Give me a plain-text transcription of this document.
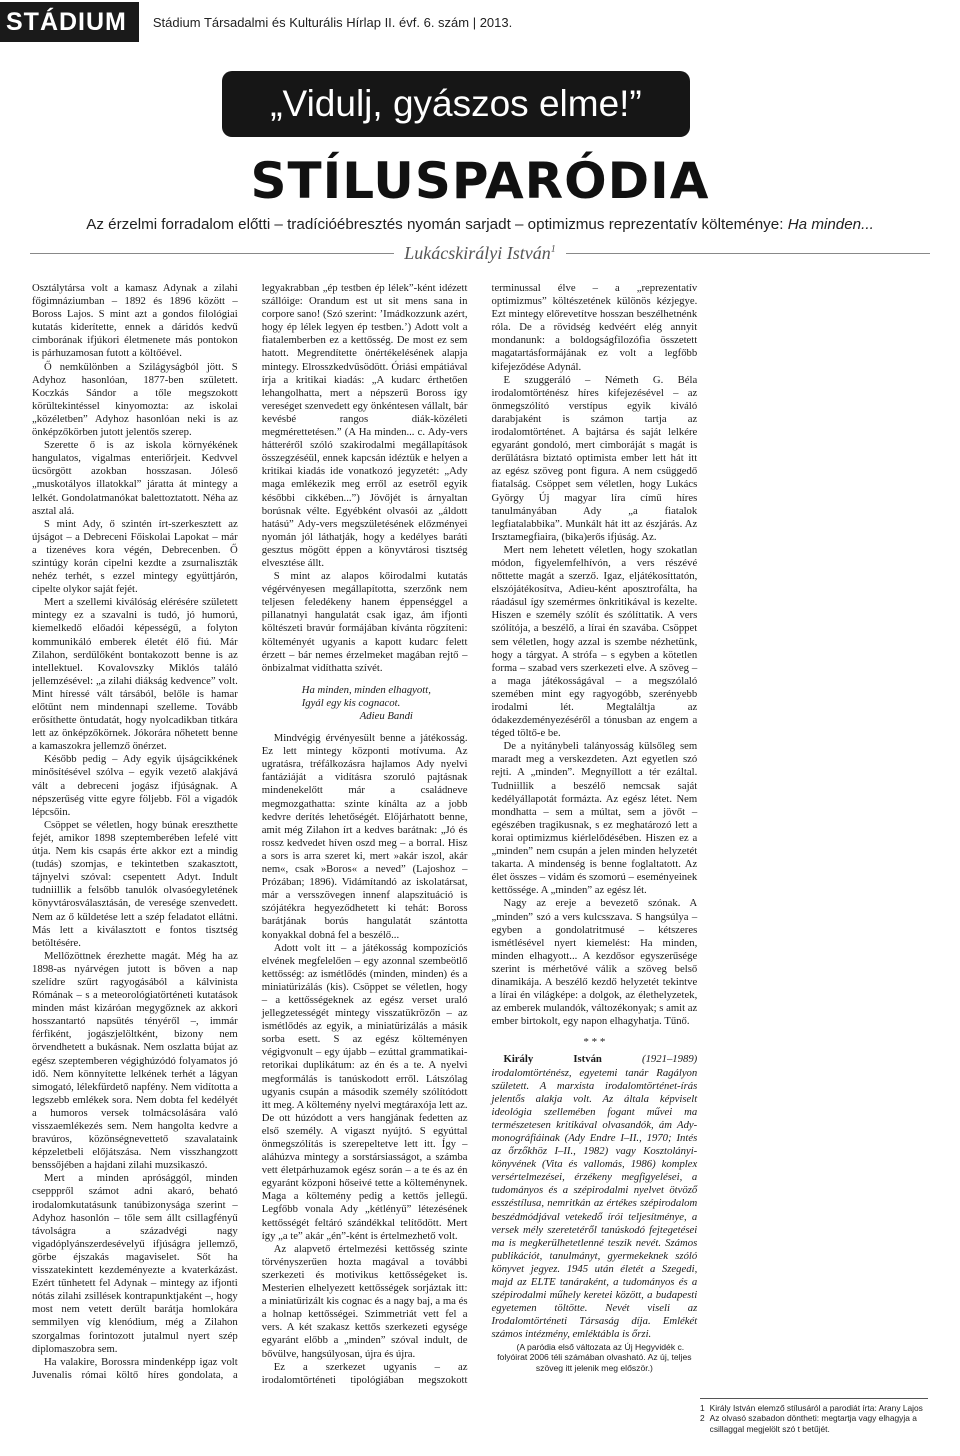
STÁDIUM	Stádium Társadalmi és Kulturális Hírlap II. évf. 6. szám | 2013.
„Vidulj, gyászos elme!”
STÍLUSPARÓDIA
Az érzelmi forradalom előtti – tradícióébresztés nyomán sarjadt – optimizmus reprezentatív költeménye: Ha minden...
Lukácskirályi István$^1$

Osztálytársa volt a kamasz Adynak a zilahi főgimnáziumban – 1892 és 1896 között – Boross Lajos. S mint azt a gondos filológiai kutatás kiderítette, ennek a dáridós kedvű cimborának ifjúkori életmenete más pontokon is párhuzamosan futott a költőével.

Ő nemkülönben a Szilágyságból jött. S Adyhoz hasonlóan, 1877-ben született. Koczkás Sándor a tőle megszokott körültekintéssel kinyomozta: az iskolai „közéletben” Adyhoz hasonlóan neki is az önképzőkörben jutott jelentős szerep.

Szerette ő is az iskola környékének hangulatos, vigalmas enteriőrjeit. Kedvvel ücsörgött azokban hosszasan. Jóleső „muskotályos illatokkal” járatta át mintegy a lelkét. Gondolatmanókat balettoztatott. Néha az asztal alá.

S mint Ady, ő szintén írt-szerkesztett az újságot – a Debreceni Főiskolai Lapokat – már a tizenéves kora végén, Debrecenben. Ő szintúgy korán cipelni kezdte a zsurnaliszták nehéz terhét, s ezzel mintegy együttjárón, cipelte olykor saját fejét.

Mert a szellemi kiválóság elérésére született mintegy ez a szavalni is tudó, jó humorú, kiemelkedő előadói képességű, a folyton kommunikáló emberek életét élő fiú. Már Zilahon, serdülőként bontakozott benne is az intellektuel. Kovalovszky Miklós találó jellemzésével: „a zilahi diákság kedvence” volt. Mint híressé vált társából, belőle is hamar előtűnt nem mindennapi szelleme. Tovább erősíthette öntudatát, hogy nyolcadikban titkára lett az önképzőkörnek. Jókorára nőhetett benne a kamaszokra jellemző önérzet.

Később pedig – Ady egyik újságcikkének minősítésével szólva – egyik vezető alakjává vált a debreceni jogász ifjúságnak. A népszerűség vitte egyre följebb. Föl a vigadók lépcsőin.

Csöppet se véletlen, hogy búnak ereszthette fejét, amikor 1898 szeptemberében lefelé vitt útja. Nem kis csapás érte akkor ezt a mindig (tudás) szomjas, e tekintetben szakasztott, tájnyelvi szóval: csepentett Adyt. Indult tudniillik a felsőbb tanulók olvasóegyletének könyvtárosválasztásán, de veresége szenvedett. Nem az ő küldetése lett a szép feladatot ellátni. Más lett a kiválasztott e fontos tisztség betöltésére.

Mellőzöttnek érezhette magát. Még ha az 1898-as nyárvégen jutott is bőven a nap szelídre szűrt ragyogásából a kálvinista Rómának – s a meteorológiatörténeti kutatások minden mást kizáróan megygőznek az akkori hosszantartó napsütés tényéről –, immár férfiként, jogászjelöltként, bizony nem örvendhetett a bukásnak. Nem oszlatta bújat az egész szeptemberen végighúzódó folyamatos jó idő. Nem könnyítette lelkének terhét a lágyan simogató, lélekfürdető napfény. Nem vidította a legszebb emlékek sora. Nem dobta fel kedélyét a humoros versek tolmácsolására való visszaemlékezés sem. Nem hangolta kedvre a bravúros, közönségnevettető szavalataink képzeletbeli előjátszása. Nem visszhangzott benssőjében a hajdani zilahi muzsikaszó.

Mert a minden aprósággól, minden csepppről számot adni akaró, beható irodalomkutatásunk tanúbizonysága szerint – Adyhoz hasonlón – tőle sem állt csillagfényű távolságra a századvégi nagy vigadóplyánszerdesévelyű ifjúságra jellemző, görbe éjszakás magaviselet. Sőt ha visszatekintett kezdeményezte a kvaterkázást. Ezért tűnhetett fel Adynak – mintegy az ifjonti nótás zilahi zsillések kontrapunktjaként –, hogy most nem vetett derült barátja homlokára semmilyen víg klenódium, még a Zilahon szorgalmas forintozott jutalmul nyert szép diplomaszobra sem.

Ha valakire, Borossra mindenképp igaz volt Juvenalis római költő híres gondolata, a legyakrabban „ép testben ép lélek”-ként idézett szállóige: Orandum est ut sit mens sana in corpore sano! (Szó szerint: ’Imádkozzunk azért, hogy ép lélek legyen ép testben.’) Adott volt a fiatalemberben ez a kettősség. De most ez sem hatott. Megrendítette önértékelésének alapja mintegy. Elrosszkedvűsödött. Óriási empátiával írja a kritikai kiadás: „A kudarc érthetően lehangolhatta, mert a népszerű Boross így vereséget szenvedett egy önkéntesen vállalt, bár kevésbé rangos diák-közéleti megmérettetésen.” (A Ha minden... c. Ady-vers hátteréről szóló szakirodalmi megállapítások összegzéséül, ennek kapcsán idéztük e helyen a kritikai kiadás ide vonatkozó jegyzetét: „Ady maga emlékezik meg erről az esetről egyik későbbi cikkében...”) Jövőjét is árnyaltan borúsnak vélte. Egyébként olvasói az „áldott hatású” Ady-vers megszületésének előzményei nyomán jól láthatják, hogy a kedélyes baráti gesztus mögött éppen a könyvtárosi tisztség elvesztése állt.

S mint az alapos kőirodalmi kutatás végérvényesen megállapította, szerzőnk nem teljesen feledékeny hanem éppenséggel a pillanatnyi hangulatát csak igaz, ám ifjonti költészeti bravúr formájában kívánta rögzíteni: költeményét ugyanis a kapott kudarc felett érzett – bár nemes érzelmeket magában rejtő – önbizalmat vidíthatta szívét.

Ha minden, minden elhagyott,
Igyál egy kis cognacot.
Adieu Bandi

Mindvégig érvényesült benne a játékosság. Ez lett mintegy központi motívuma. Az ugratásra, tréfálkozásra hajlamos Ady nyelvi fantáziáját a vidításra szoruló pajtásnak mindenekelőtt már a családneve megmozgathatta: szinte kínálta az a jobb kedvre derítés lehetőségét. Előjárhatott benne, amit még Zilahon írt a kedves barátnak: „Jó és rossz kedvedet híven oszd meg – a borral. Hisz a sors is arra szeret ki, mert »akár iszol, akár nem«, csak »Boros« a neved” (Lajoshoz – Prózában; 1896). Vidámítandó az iskolatársat, már a versszövegen innenf alapszituáció is szójátékra hegyeződhetett ki tehát: Boross barátjának borús hangulatát szántotta konyakkal dobná fel a beszélő...

Adott volt itt – a játékosság kompozíciós elvének megfelelően – egy azonnal szembeötlő kettősség: az ismétlődés (minden, minden) és a miniatürizálás (kis). Csöppet se véletlen, hogy – a kettősségeknek az egész verset uraló jellegzetességét mintegy visszatükrözőn – az ismétlődés az egyik, a miniatürizálás a másik sorba esett. S az egész költeményen végigvonult – egy újabb – ezúttal grammatikai-retorikai duplikátum: az én és a te. A nyelvi megformálás is tanúskodott erről. Látszólag ugyanis csupán a második személy szólítódott itt meg. A költemény nyelvi megtáraxója lett az. De ott húzódott a vers hangjának fedetten az első személy. A vigaszt nyújtó. S egyúttal önmegszólítás is szerepeltetve lett itt. Így – aláhúzva mintegy a sorstársiasságot, a számba vett életpárhuzamok egész során – a te és az én egyaránt közponi hőseivé tette a költeménynek. Maga a költemény pedig a kettős jellegű. Legfőbb vonala Ady „kétlényű” létezésének kettősségét feltáró szándékkal telítődött. Mert így „a te” akár „én”-ként is értelmezhető volt.

Az alapvető értelmezési kettősség szinte törvényszerűen hozta magával a további szerkezeti és motivikus kettősségeket is. Mesterien elhelyezett kettősségek sorjáztak itt: a miniatürizált kis cognac és a nagy baj, a ma és a holnap kettősségei. Szimmetriát vett fel a vers. A két szakasz kettős szerkezeti egysége egyaránt előbb a „minden” szóval indult, de bővülve, hangsúlyosan, újra és újra.

Ez a szerkezet ugyanis – az irodalomtörténeti tipológiában megszokott terminussal élve – a „reprezentatív optimizmus” költészetének különös kézjegye. Ezt mintegy előrevetítve hosszan beszélhetnénk róla. De a rövidség kedvéért elég annyit mondanunk: a boldogságfilozófia összetett magatartásformájának ez volt a legfőbb kifejeződése Adynál.

E szuggeráló – Németh G. Béla irodalomtörténész híres kifejezésével – az önmegszólító verstípus egyik kiváló darabjaként is számon tartja az irodalomtörténet. A bajtársa és saját lelkére egyaránt gondoló, mert cimboráját s magát is derűlátásra biztató optimista ember lett hát itt az egész szöveg pont figura. A nem csüggedő fiatalság. Csöppet sem véletlen, hogy Lukács György Új magyar líra című híres tanulmányában Ady „a fiatalok legfiatalabbika”. Munkált hát itt az észjárás. Az Irsztamegfiaira, (bika)erős ifjúság. Az.

Mert nem lehetett véletlen, hogy szokatlan módon, figyelemfelhívón, a vers részévé nőttette magát a szerző. Igaz, eljátékosíttatón, elszójátékosítva, Adieu-ként aposztrofálta, ha ráadásul így szemérmes önkritikával is kezelte. Hiszen e személy szólít és szólíttatik. A vers szólítója, a beszélő, a lírai én szavába. Csöppet sem véletlen, hogy azzal is szembe nézhetünk, hogy a tárgyat. A strófa – s egyben a kötetlen forma – szabad vers szerkezeti elve. A szöveg – a maga játékosságával – a megszólaló szemében mint egy ragyogóbb, szerényebb irodalmi lét. Megtaláltja az ódakezdeményezéséről a tónusban az engem a téged töltő-e be.

De a nyitánybeli talányosság külsőleg sem maradt meg a verskezdeten. Azt egyetlen szó rejti. A „minden”. Megnyíllott a tér ezáltal. Tudniillik a beszélő nemcsak saját kedélyállapotát formázta. Az egész létet. Nem mondhatta – sem a múltat, sem a jövőt – egészében tragikusnak, s ez meghatározó lett a korai optimizmus kiérlelődésében. Hiszen ez a „minden” nem csupán a jelen minden helyzetét takarta. A mindenség is benne foglaltatott. Az élet összes – vidám és szomorú – eseményeinek kettőssége. A „minden” az egész lét.

Nagy az ereje a bevezető szónak. A „minden” szó a vers kulcsszava. S hangsúlya – egyben a gondolatritmusé – kétszeres ismétlésével nyert kiemelést: Ha minden, minden elhagyott... A kezdősor egyszerűsége szerint is mérhetővé válik a szöveg belső dinamikája. A beszélő kezdő helyzetét tekintve a lírai én világképe: a dolgok, az élethelyzetek, az emberek mulandók, változékonyak; s amit az ember birtokolt, egy napon elhagyhatja. Tűnő.

* * *

Király István	(1921–1989) irodalomtörténész, egyetemi tanár Ragályon született. A marxista irodalomtörténet-írás jelentős alakja volt. Az általa képviselt ideológia szellemében fogant művei ma természetesen kritikával olvasandók, ám Ady-monográfiáinak (Ady Endre I–II., 1970; Intés az őrzőkhöz I–II., 1982) vagy Kosztolányi-könyvének (Vita és vallomás, 1986) komplex versértelmezései, érzékeny megfigyelései, a tudományos és a szépirodalmi nyelvet ötvöző esszéstílusa, nemritkán az értékes szépirodalom beszédmódjával vetekedő írói teljesítménye, a versek mély szeretetéről tanúskodó fejtegetései ma is megkerülhetetlenné teszik nevét. Számos publikációt, tanulmányt, gyermekeknek szóló könyvet jegyez. 1945 után életét a Szegedi, majd az ELTE tanáraként, a tudományos és a szépirodalmi műhely keretei között, a budapesti egyetemen töltötte. Nevét viseli az Irodalomtörténeti Társaság díja. Emlékét számos intézmény, emléktábla is őrzi.

(A paródia első változata az Új Hegyvidék c. folyóirat 2006 téli számában olvasható. Az új, teljes szöveg itt jelenik meg először.)

1 Király István elemző stílusáról a parodiát írta: Arany Lajos
2 Az olvasó szabadon döntheti: megtartja vagy elhagyja a csillaggal megjelölt szó t betűjét.
